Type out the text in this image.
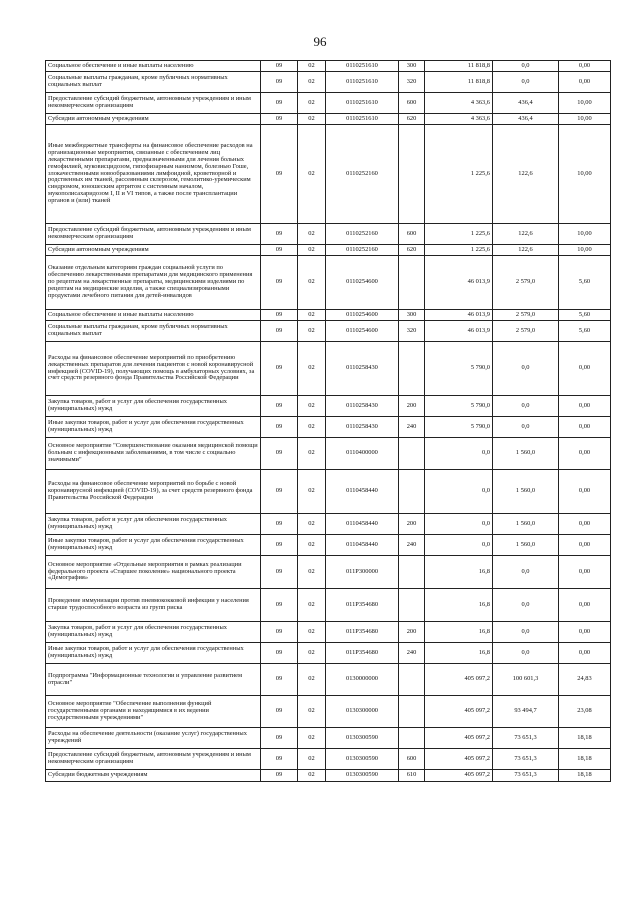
96
Социальное обеспечение и иные выплаты населению	09	02	0110251610	300	11 818,8	0,0	0,00
Социальные выплаты гражданам, кроме публичных нормативных социальных выплат	09	02	0110251610	320	11 818,8	0,0	0,00
Предоставление субсидий бюджетным, автономным учреждениям и иным некоммерческим организациям	09	02	0110251610	600	4 363,6	436,4	10,00
Субсидии автономным учреждениям	09	02	0110251610	620	4 363,6	436,4	10,00
Иные межбюджетные трансферты на финансовое обеспечение расходов на организационные мероприятия, связанные с обеспечением лиц лекарственными препаратами, предназначенными для лечения больных гемофилией, муковисцидозом, гипофизарным нанизмом, болезнью Гоше, злокачественными новообразованиями лимфоидной, кроветворной и родственных им тканей, рассеянным склерозом, гемолитико-уремическим синдромом, юношеским артритом с системным началом, мукополисахаридозом I, II и VI типов, а также после трансплантации органов и (или) тканей	09	02	0110252160		1 225,6	122,6	10,00
Предоставление субсидий бюджетным, автономным учреждениям и иным некоммерческим организациям	09	02	0110252160	600	1 225,6	122,6	10,00
Субсидии автономным учреждениям	09	02	0110252160	620	1 225,6	122,6	10,00
Оказание отдельным категориям граждан социальной услуги по обеспечению лекарственными препаратами для медицинского применения по рецептам на лекарственные препараты, медицинскими изделиями по рецептам на медицинские изделия, а также специализированными продуктами лечебного питания для детей-инвалидов	09	02	0110254600		46 013,9	2 579,0	5,60
Социальное обеспечение и иные выплаты населению	09	02	0110254600	300	46 013,9	2 579,0	5,60
Социальные выплаты гражданам, кроме публичных нормативных социальных выплат	09	02	0110254600	320	46 013,9	2 579,0	5,60
Расходы на финансовое обеспечение мероприятий по приобретению лекарственных препаратов для лечения пациентов с новой коронавирусной инфекцией (COVID-19), получающих помощь в амбулаторных условиях, за счет средств резервного фонда Правительства Российской Федерации	09	02	0110258430		5 790,0	0,0	0,00
Закупка товаров, работ и услуг для обеспечения государственных (муниципальных) нужд	09	02	0110258430	200	5 790,0	0,0	0,00
Иные закупки товаров, работ и услуг для обеспечения государственных (муниципальных) нужд	09	02	0110258430	240	5 790,0	0,0	0,00
Основное мероприятие "Совершенствование оказания медицинской помощи больным с инфекционными заболеваниями, в том числе с социально значимыми"	09	02	0110400000		0,0	1 560,0	0,00
Расходы на финансовое обеспечение мероприятий по борьбе с новой коронавирусной инфекцией (COVID-19), за счет средств резервного фонда Правительства Российской Федерации	09	02	0110458440		0,0	1 560,0	0,00
Закупка товаров, работ и услуг для обеспечения государственных (муниципальных) нужд	09	02	0110458440	200	0,0	1 560,0	0,00
Иные закупки товаров, работ и услуг для обеспечения государственных (муниципальных) нужд	09	02	0110458440	240	0,0	1 560,0	0,00
Основное мероприятие «Отдельные мероприятия в рамках реализации федерального проекта «Старшее поколение» национального проекта «Демография»	09	02	011P300000		16,8	0,0	0,00
Проведение иммунизации против пневмококковой инфекции у населения старше трудоспособного возраста из групп риска	09	02	011P354680		16,8	0,0	0,00
Закупка товаров, работ и услуг для обеспечения государственных (муниципальных) нужд	09	02	011P354680	200	16,8	0,0	0,00
Иные закупки товаров, работ и услуг для обеспечения государственных (муниципальных) нужд	09	02	011P354680	240	16,8	0,0	0,00
Подпрограмма "Информационные технологии и управление развитием отрасли"	09	02	0130000000		405 097,2	100 601,3	24,83
Основное мероприятие "Обеспечение выполнения функций государственными органами и находящимися в их ведении государственными учреждениями"	09	02	0130300000		405 097,2	93 494,7	23,08
Расходы на обеспечение деятельности (оказание услуг) государственных учреждений	09	02	0130300590		405 097,2	73 651,3	18,18
Предоставление субсидий бюджетным, автономным учреждениям и иным некоммерческим организациям	09	02	0130300590	600	405 097,2	73 651,3	18,18
Субсидии бюджетным учреждениям	09	02	0130300590	610	405 097,2	73 651,3	18,18
